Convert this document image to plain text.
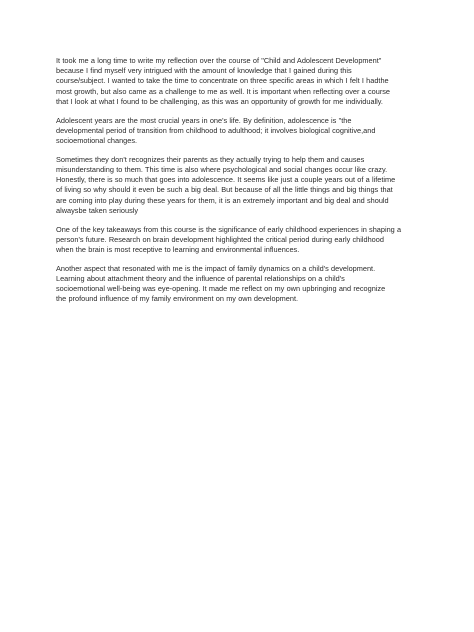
It took me a long time to write my reflection over the course of "Child and Adolescent Development"
because I find myself very intrigued with the amount of knowledge that I gained during this
course/subject. I wanted to take the time to concentrate on three specific areas in which I felt I hadthe
most growth, but also came as a challenge to me as well. It is important when reflecting over a course
that I look at what I found to be challenging, as this was an opportunity of growth for me individually.

Adolescent years are the most crucial years in one's life. By definition, adolescence is "the
developmental period of transition from childhood to adulthood; it involves biological cognitive,and
socioemotional changes.

Sometimes they don't recognizes their parents as they actually trying to help them and causes
misunderstanding to them. This time is also where psychological and social changes occur like crazy.
Honestly, there is so much that goes into adolescence. It seems like just a couple years out of a lifetime
of living so why should it even be such a big deal. But because of all the little things and big things that
are coming into play during these years for them, it is an extremely important and big deal and should
alwaysbe taken seriously

One of the key takeaways from this course is the significance of early childhood experiences in shaping a
person's future. Research on brain development highlighted the critical period during early childhood
when the brain is most receptive to learning and environmental influences.

Another aspect that resonated with me is the impact of family dynamics on a child's development.
Learning about attachment theory and the influence of parental relationships on a child's
socioemotional well-being was eye-opening. It made me reflect on my own upbringing and recognize
the profound influence of my family environment on my own development.
